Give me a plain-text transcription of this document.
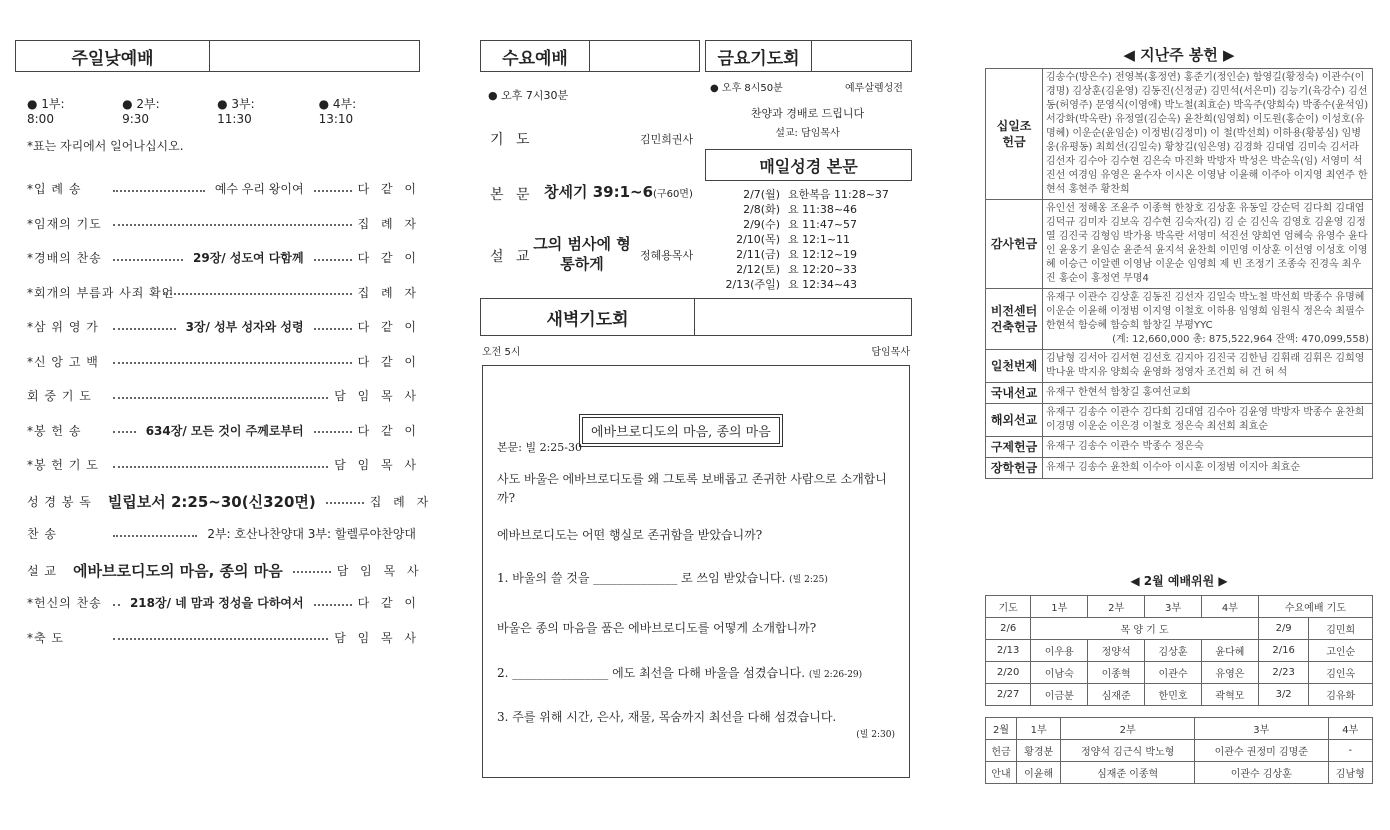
주일낮예배
● 1부: 8:00
● 2부: 9:30
● 3부: 11:30
● 4부: 13:10
*표는 자리에서 일어나십시오.
*입 례 송	예수 우리 왕이여	다 같 이
*임재의 기도	집 례 자
*경배의 찬송	29장/ 성도여 다함께	다 같 이
*회개의 부름과 사죄 확언	집 례 자
*삼 위 영 가	3장/ 성부 성자와 성령	다 같 이
*신 앙 고 백	다 같 이
회 중 기 도	담 임 목 사
*봉 헌 송	634장/ 모든 것이 주께로부터	다 같 이
*봉 헌 기 도	담 임 목 사
성 경 봉 독 빌립보서 2:25~30(신320면)	집 례 자
찬 송	2부: 호산나찬양대 3부: 할렐루야찬양대
설 교 에바브로디도의 마음, 종의 마음	담 임 목 사
*헌신의 찬송	218장/ 네 맘과 정성을 다하여서	다 같 이
*축 도	담 임 목 사
수요예배
● 오후 7시30분
기 도	김민희권사
본 문 창세기 39:1~6(구60면)
설 교
그의 범사에 형통하게	정혜용목사
금요기도회
● 오후 8시50분	예루살렘성전
찬양과 경배로 드립니다
설교: 담임목사
매일성경 본문
2/7(월) 요한복음 11:28~37
2/8(화) 요 11:38~46
2/9(수) 요 11:47~57
2/10(목) 요 12:1~11
2/11(금) 요 12:12~19
2/12(토) 요 12:20~33
2/13(주일) 요 12:34~43
새벽기도회
오전 5시	담임목사
에바브로디도의 마음, 종의 마음
본문: 빌 2:25-30
사도 바울은 에바브로디도를 왜 그토록 보배롭고 존귀한 사람으로 소개합니까?
에바브로디도는 어떤 행실로 존귀함을 받았습니까?
1. 바울의 쓸 것을 ______________ 로 쓰임 받았습니다. (빌 2:25)
바울은 종의 마음을 품은 에바브로디도를 어떻게 소개합니까?
2. ________________ 에도 최선을 다해 바울을 섬겼습니다. (빌 2:26-29)
3. 주를 위해 시간, 은사, 재물, 목숨까지 최선을 다해 섬겼습니다.
(빌 2:30)
◀ 지난주 봉헌 ▶
십일조 헌금	김송수(방은수) 전영복(홍정연) 홍준기(정인순) 함영길(황정숙) 이관수(이경명) 김상훈(김윤영) 김동진(신정균) 김민석(서은미) 김능기(육강수) 김선동(허영주) 문영식(이영애) 박노철(최효순) 박옥주(양희숙) 박종수(윤석임) 서강화(박옥란) 유정열(김순옥) 윤찬희(임영희) 이도원(홍순이) 이성호(유명혜) 이운순(윤임순) 이정범(김정미) 이 철(박선희) 이하용(황봉심) 임병웅(유평동) 최희선(김일숙) 황창길(임은영) 김경화 김대엽 김미숙 김서라 김선자 김수아 김수현 김은숙 마진화 박방자 박성은 박순옥(임) 서영미 석진선 여경임 유영은 윤수자 이시온 이영남 이윤해 이주아 이지영 최연주 한현석 홍현주 황찬희
감사헌금	유인선 정해옹 조윤주 이종혁 한창호 김상훈 유동일 강순덕 김다희 김대엽 김덕규 김미자 김보옥 김수현 김숙자(김) 김 순 김신옥 김영호 김윤영 김정열 김진국 김형임 박가용 박옥란 서영미 석진선 양희연 엄혜숙 유영수 윤다인 윤옹기 윤임순 윤준석 윤지석 윤찬희 이민영 이상훈 이선영 이성호 이영혜 이승근 이알렌 이영남 이운순 임영희 제 빈 조정기 조종숙 진경옥 최우진 홍순이 홍정연 무명4
비전센터 건축헌금	유재구 이관수 김상훈 김동진 김선자 김일숙 박노철 박선희 박종수 유명혜 이운순 이윤해 이정범 이지영 이철호 이하용 임영희 임원식 정은숙 최필수 한현석 함승혜 함승희 함창길 부평YYC
(계: 12,660,000 총: 875,522,964 잔액: 470,099,558)

일천번제	김남형 김서아 김서현 김선호 김지아 김진국 김한님 김휘래 김휘은 김희영 박나윤 박지유 양희숙 윤영화 정영자 조건희 허 건 허 석
국내선교	유재구 한현석 함창길 홍여선교회
해외선교	유재구 김송수 이관수 김다희 김대엽 김수아 김윤영 박방자 박종수 윤찬희 이경명 이운순 이은경 이철호 정은숙 최선희 최효순
구제헌금	유재구 김송수 이관수 박종수 정은숙
장학헌금	유재구 김송수 윤찬희 이수아 이시훈 이정범 이지아 최효순
◀ 2월 예배위원 ▶
기도	1부	2부	3부	4부	수요예배 기도	
2/6	목 양 기 도				2/9	김민희
2/13	이우용	정양석	김상훈	윤다혜	2/16	고인순
2/20	이남숙	이종혁	이관수	유영은	2/23	김인옥
2/27	이금분	심재준	한민호	곽혁모	3/2	김유화
2월	1부	2부	3부	4부
헌금	황경분	정양석 김근식 박노형	이관수 권정미 김명준	-
안내	이윤해	심재준 이종혁	이관수 김상훈	김남형
